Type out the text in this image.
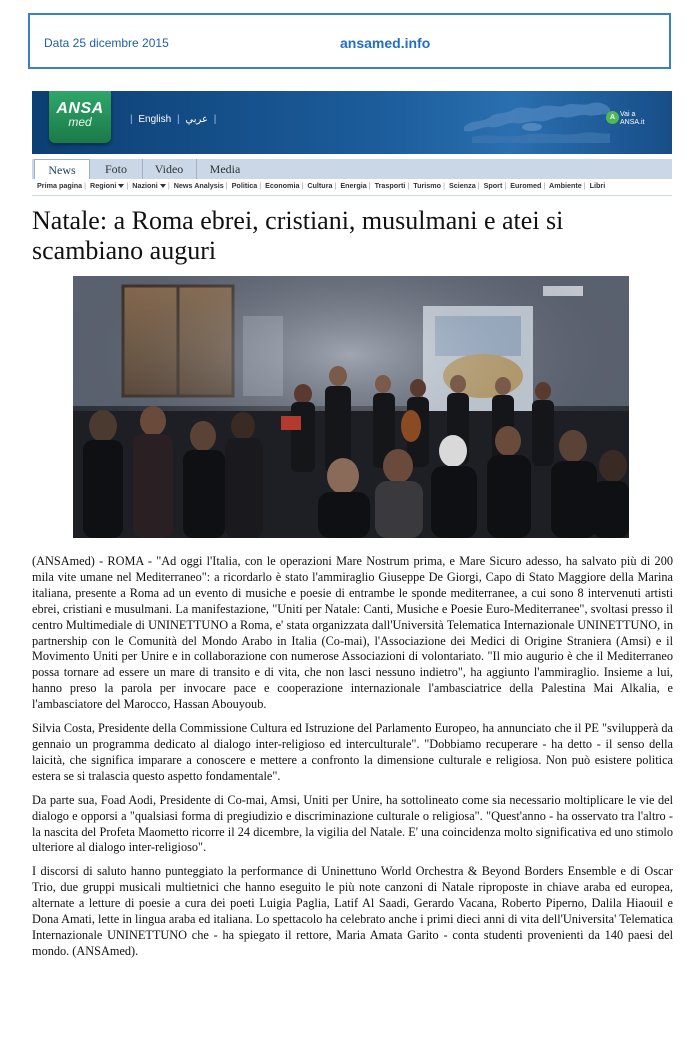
Data 25 dicembre 2015	ansamed.info
ANSA
med	| English | عربي |	A Vai a
ANSA.it
News	Foto	Video	Media
Prima pagina | Regioni | Nazioni | News Analysis | Politica | Economia | Cultura | Energia | Trasporti | Turismo | Scienza | Sport | Euromed | Ambiente | Libri
Natale: a Roma ebrei, cristiani, musulmani e atei si scambiano auguri

(ANSAmed) - ROMA - "Ad oggi l'Italia, con le operazioni Mare Nostrum prima, e Mare Sicuro adesso, ha salvato più di 200 mila vite umane nel Mediterraneo": a ricordarlo è stato l'ammiraglio Giuseppe De Giorgi, Capo di Stato Maggiore della Marina italiana, presente a Roma ad un evento di musiche e poesie di entrambe le sponde mediterranee, a cui sono 8 intervenuti artisti ebrei, cristiani e musulmani. La manifestazione, "Uniti per Natale: Canti, Musiche e Poesie Euro-Mediterranee", svoltasi presso il centro Multimediale di UNINETTUNO a Roma, e' stata organizzata dall'Università Telematica Internazionale UNINETTUNO, in partnership con le Comunità del Mondo Arabo in Italia (Co-mai), l'Associazione dei Medici di Origine Straniera (Amsi) e il Movimento Uniti per Unire e in collaborazione con numerose Associazioni di volontariato. "Il mio augurio è che il Mediterraneo possa tornare ad essere un mare di transito e di vita, che non lasci nessuno indietro", ha aggiunto l'ammiraglio. Insieme a lui, hanno preso la parola per invocare pace e cooperazione internazionale l'ambasciatrice della Palestina Mai Alkalia, e l'ambasciatore del Marocco, Hassan Abouyoub.

Silvia Costa, Presidente della Commissione Cultura ed Istruzione del Parlamento Europeo, ha annunciato che il PE "svilupperà da gennaio un programma dedicato al dialogo inter-religioso ed interculturale". "Dobbiamo recuperare - ha detto - il senso della laicità, che significa imparare a conoscere e mettere a confronto la dimensione culturale e religiosa. Non può esistere politica estera se si tralascia questo aspetto fondamentale".

Da parte sua, Foad Aodi, Presidente di Co-mai, Amsi, Uniti per Unire, ha sottolineato come sia necessario moltiplicare le vie del dialogo e opporsi a "qualsiasi forma di pregiudizio e discriminazione culturale o religiosa". "Quest'anno - ha osservato tra l'altro - la nascita del Profeta Maometto ricorre il 24 dicembre, la vigilia del Natale. E' una coincidenza molto significativa ed uno stimolo ulteriore al dialogo inter-religioso".

I discorsi di saluto hanno punteggiato la performance di Uninettuno World Orchestra & Beyond Borders Ensemble e di Oscar Trio, due gruppi musicali multietnici che hanno eseguito le più note canzoni di Natale riproposte in chiave araba ed europea, alternate a letture di poesie a cura dei poeti Luigia Paglia, Latif Al Saadi, Gerardo Vacana, Roberto Piperno, Dalila Hiaouil e Dona Amati, lette in lingua araba ed italiana. Lo spettacolo ha celebrato anche i primi dieci anni di vita dell'Universita' Telematica Internazionale UNINETTUNO che - ha spiegato il rettore, Maria Amata Garito - conta studenti provenienti da 140 paesi del mondo. (ANSAmed).
